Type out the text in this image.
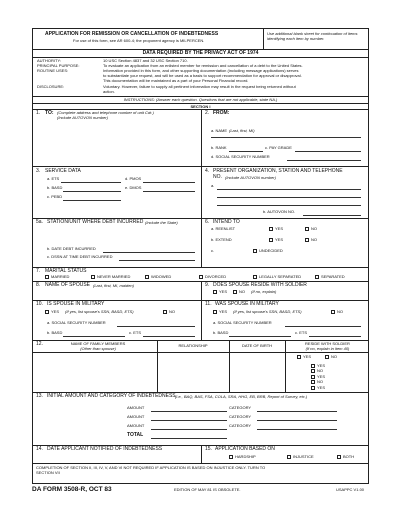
APPLICATION FOR REMISSION OR CANCELLATION OF INDEBTEDNESS
For use of this form, see AR 600-4; the proponent agency is MILPERCEN.
Use additional blank sheet for continuation of items identifying each item by number.
DATA REQUIRED BY THE PRIVACY ACT OF 1974
AUTHORITY:	10 USC Section 4837 and 32 USC Section 710.
PRINCIPAL PURPOSE:	To evaluate an application from an enlisted member for remission and cancellation of a debt to the United States.
ROUTINE USES:	Information provided in this form, and other supporting documentation (including message applications) serves
to substantiate your request, and will be used as a basis to support recommendation for approval or disapproval.
This documentation will be maintained as a part of your Personal Financial record.
DISCLOSURE:	Voluntary. However, failure to supply all pertinent information may result in the request being returned without
action.
INSTRUCTIONS: (Answer each question. Questions that are not applicable, state NA.)
SECTION I
1. TO: (Complete address and telephone number of unit Cdr.)
(Include AUTOVON number)
2. FROM:
a. NAME (Last, first, MI)
b. RANK	c. PAY GRADE
d. SOCIAL SECURITY NUMBER
3. SERVICE DATA
a. ETS	d. PMOS
b. BASD	e. DMOS
c. PEBD
4. PRESENT ORGANIZATION, STATION AND TELEPHONE
NO. (Include AUTOVON number)
a.
b. AUTOVON NO.
5a. STATION/UNIT WHERE DEBT INCURRED (Include the State)
b. DATE DEBT INCURRED
c. DSSN AT TIME DEBT INCURRED
6. INTEND TO
a. REENLIST	YES	NO
b. EXTEND	YES	NO
c.	UNDECIDED
7. MARITAL STATUS
MARRIED	NEVER MARRIED	WIDOWED	DIVORCED	LEGALLY SEPARATED	SEPARATED
8. NAME OF SPOUSE (Last, first, MI, maiden)	9. DOES SPOUSE RESIDE WITH SOLDIER
YES	NO (If no, explain)
10. IS SPOUSE IN MILITARY
YES (If yes, list spouse's SSN, BASD, ETS)	NO
a. SOCIAL SECURITY NUMBER
b. BASD	c. ETS
11. WAS SPOUSE IN MILITARY
YES (If yes, list spouse's SSN, BASD, ETS)	NO
a. SOCIAL SECURITY NUMBER
b. BASD	c. ETS
12.	NAME OF FAMILY MEMBERS
(Other than spouse)
RELATIONSHIP	DATE OF BIRTH	RESIDE WITH SOLDIER
(If no, explain in item 40)
YES	NO
YES
NO
YES
NO
YES
13. INITIAL AMOUNT AND CATEGORY OF INDEBTEDNESS (i.e., BAQ, BAS, FSA, COLA, SRA, HHG, EB, BRB, Report of Survey, etc.)
AMOUNT	CATEGORY
AMOUNT	CATEGORY
AMOUNT	CATEGORY
TOTAL
14. DATE APPLICANT NOTIFIED OF INDEBTEDNESS	15. APPLICATION BASED ON
HARDSHIP	INJUSTICE	BOTH
COMPLETION OF SECTION II, III, IV, V, AND VI NOT REQUIRED IF APPLICATION IS BASED ON INJUSTICE ONLY. TURN TO
SECTION VII
DA FORM 3508-R, OCT 83	EDITION OF MAY 81 IS OBSOLETE.	USAPPC V1.00
